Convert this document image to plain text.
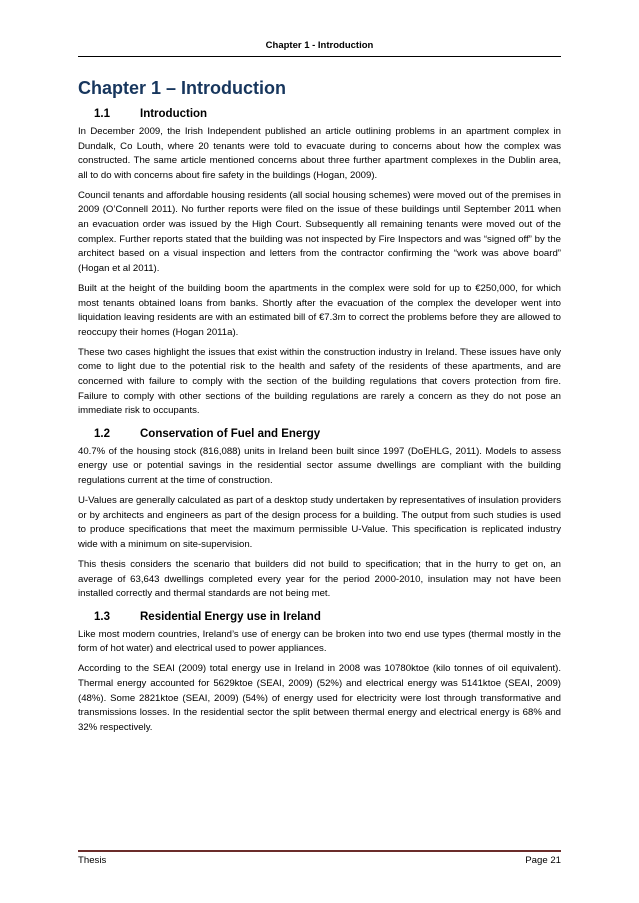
Chapter 1 - Introduction
Chapter 1 – Introduction
1.1	Introduction

In December 2009, the Irish Independent published an article outlining problems in an apartment complex in Dundalk, Co Louth, where 20 tenants were told to evacuate during to concerns about how the complex was constructed. The same article mentioned concerns about three further apartment complexes in the Dublin area, all to do with concerns about fire safety in the buildings (Hogan, 2009).

Council tenants and affordable housing residents (all social housing schemes) were moved out of the premises in 2009 (O’Connell 2011). No further reports were filed on the issue of these buildings until September 2011 when an evacuation order was issued by the High Court. Subsequently all remaining tenants were moved out of the complex. Further reports stated that the building was not inspected by Fire Inspectors and was “signed off” by the architect based on a visual inspection and letters from the contractor confirming the “work was above board” (Hogan et al 2011).

Built at the height of the building boom the apartments in the complex were sold for up to €250,000, for which most tenants obtained loans from banks. Shortly after the evacuation of the complex the developer went into liquidation leaving residents are with an estimated bill of €7.3m to correct the problems before they are allowed to reoccupy their homes (Hogan 2011a).

These two cases highlight the issues that exist within the construction industry in Ireland. These issues have only come to light due to the potential risk to the health and safety of the residents of these apartments, and are concerned with failure to comply with the section of the building regulations that covers protection from fire. Failure to comply with other sections of the building regulations are rarely a concern as they do not pose an immediate risk to occupants.

1.2	Conservation of Fuel and Energy

40.7% of the housing stock (816,088) units in Ireland been built since 1997 (DoEHLG, 2011). Models to assess energy use or potential savings in the residential sector assume dwellings are compliant with the building regulations current at the time of construction.

U-Values are generally calculated as part of a desktop study undertaken by representatives of insulation providers or by architects and engineers as part of the design process for a building. The output from such studies is used to produce specifications that meet the maximum permissible U-Value. This specification is replicated industry wide with a minimum on site-supervision.

This thesis considers the scenario that builders did not build to specification; that in the hurry to get on, an average of 63,643 dwellings completed every year for the period 2000-2010, insulation may not have been installed correctly and thermal standards are not being met.

1.3	Residential Energy use in Ireland

Like most modern countries, Ireland’s use of energy can be broken into two end use types (thermal mostly in the form of hot water) and electrical used to power appliances.

According to the SEAI (2009) total energy use in Ireland in 2008 was 10780ktoe (kilo tonnes of oil equivalent). Thermal energy accounted for 5629ktoe (SEAI, 2009) (52%) and electrical energy was 5141ktoe (SEAI, 2009) (48%). Some 2821ktoe (SEAI, 2009) (54%) of energy used for electricity were lost through transformative and transmissions losses. In the residential sector the split between thermal energy and electrical energy is 68% and 32% respectively.

Thesis	Page 21
